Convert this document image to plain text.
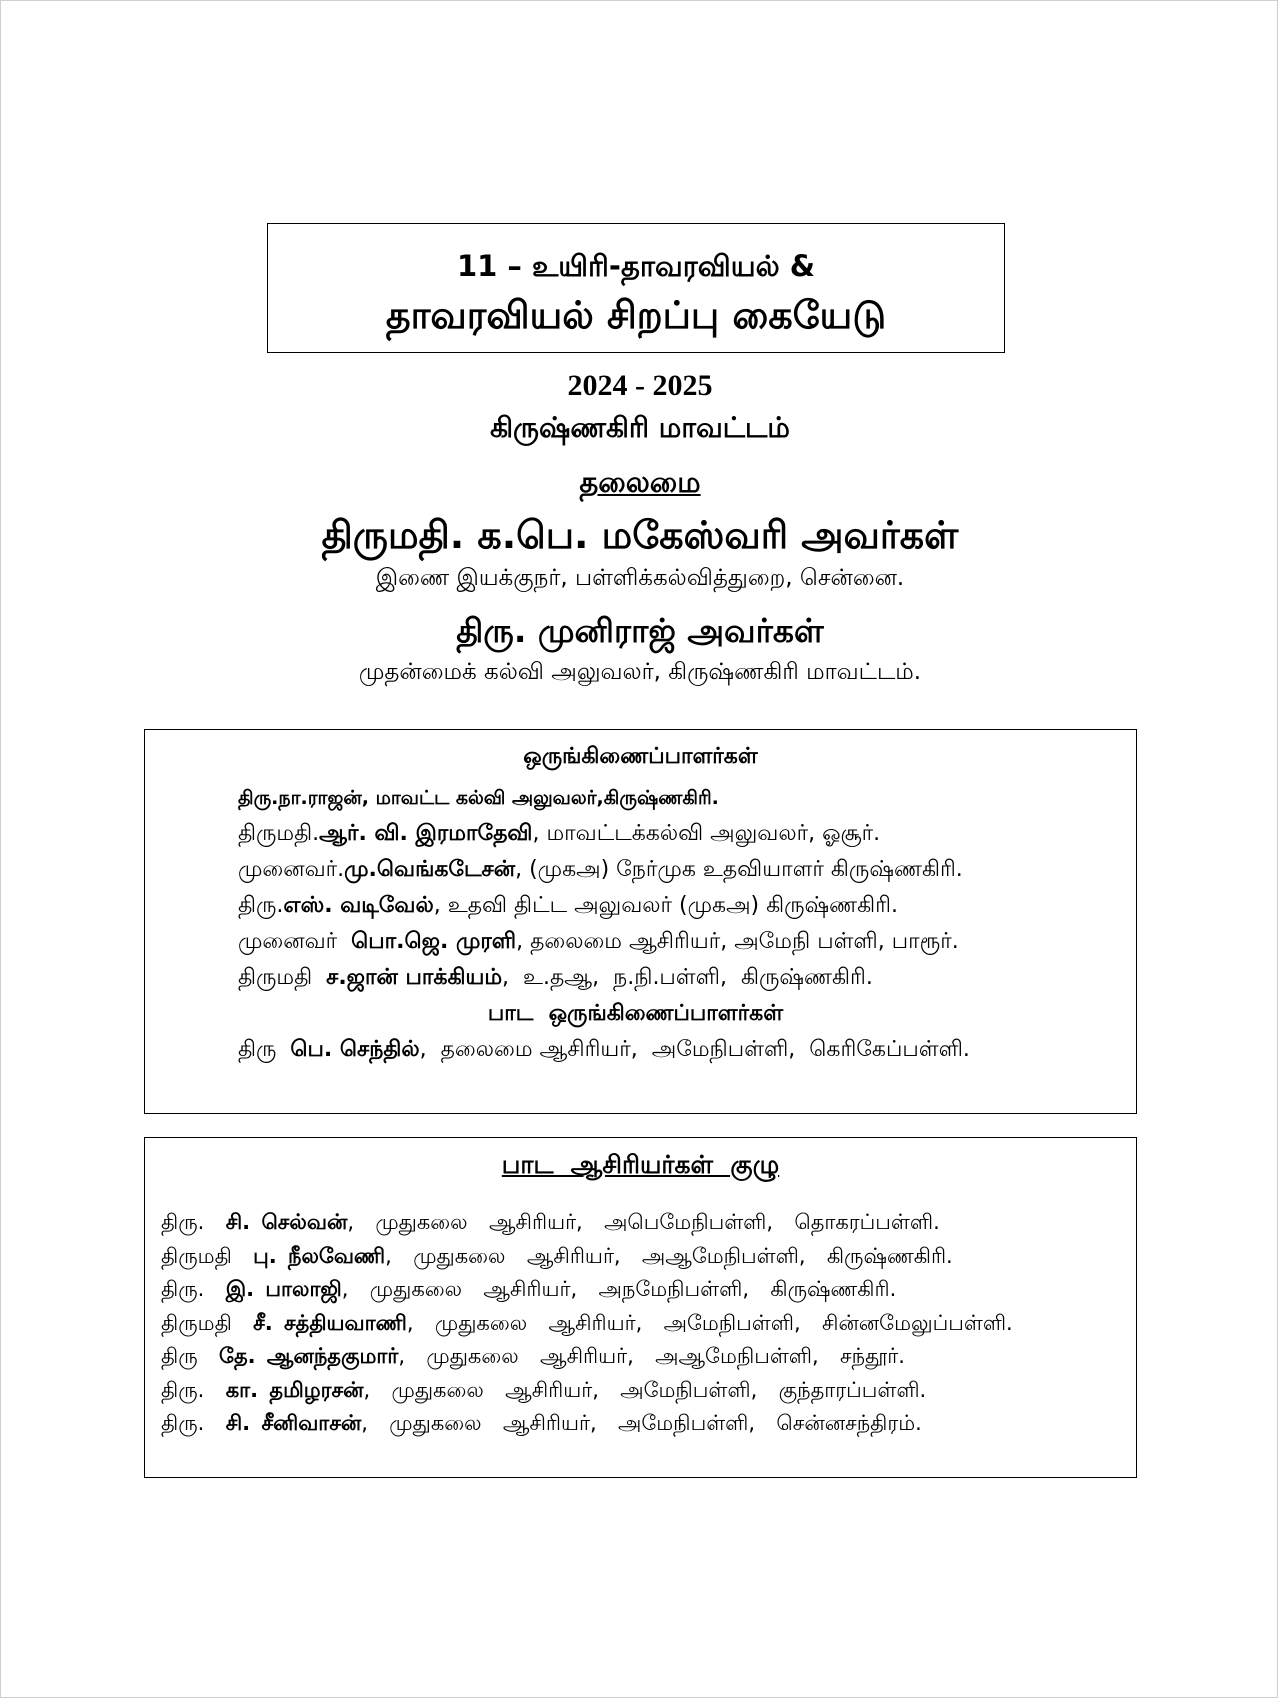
11 – உயிரி-தாவரவியல் &
தாவரவியல் சிறப்பு கையேடு
2024 - 2025
கிருஷ்ணகிரி மாவட்டம்
தலைமை
திருமதி. க.பெ. மகேஸ்வரி அவர்கள்
இணை இயக்குநர், பள்ளிக்கல்வித்துறை, சென்னை.
திரு. முனிராஜ் அவர்கள்
முதன்மைக் கல்வி அலுவலர், கிருஷ்ணகிரி மாவட்டம்.
ஒருங்கிணைப்பாளர்கள்
திரு.நா.ராஜன், மாவட்ட கல்வி அலுவலர்,கிருஷ்ணகிரி.
திருமதி.ஆர். வி. இரமாதேவி, மாவட்டக்கல்வி அலுவலர், ஓசூர்.
முனைவர்.மு.வெங்கடேசன், (முகஅ) நேர்முக உதவியாளர் கிருஷ்ணகிரி.
திரு.எஸ். வடிவேல், உதவி திட்ட அலுவலர் (முகஅ) கிருஷ்ணகிரி.
முனைவர்  பொ.ஜெ. முரளி, தலைமை ஆசிரியர், அமேநி பள்ளி, பாரூர்.
திருமதி  ச.ஜான் பாக்கியம்,  உ.தஆ,  ந.நி.பள்ளி,  கிருஷ்ணகிரி.
பாட  ஒருங்கிணைப்பாளர்கள்
திரு  பெ. செந்தில்,  தலைமை ஆசிரியர்,  அமேநிபள்ளி,  கெரிகேப்பள்ளி.
பாட  ஆசிரியர்கள்  குழு
திரு.  சி. செல்வன்,  முதுகலை  ஆசிரியர்,  அபெமேநிபள்ளி,  தொகரப்பள்ளி.
திருமதி  பு. நீலவேணி,  முதுகலை  ஆசிரியர்,  அஆமேநிபள்ளி,  கிருஷ்ணகிரி.
திரு.  இ. பாலாஜி,  முதுகலை  ஆசிரியர்,  அநமேநிபள்ளி,  கிருஷ்ணகிரி.
திருமதி  சீ. சத்தியவாணி,  முதுகலை  ஆசிரியர்,  அமேநிபள்ளி,  சின்னமேலுப்பள்ளி.
திரு  தே. ஆனந்தகுமார்,  முதுகலை  ஆசிரியர்,  அஆமேநிபள்ளி,  சந்தூர்.
திரு.  கா. தமிழரசன்,  முதுகலை  ஆசிரியர்,  அமேநிபள்ளி,  குந்தாரப்பள்ளி.
திரு.  சி. சீனிவாசன்,  முதுகலை  ஆசிரியர்,  அமேநிபள்ளி,  சென்னசந்திரம்.
